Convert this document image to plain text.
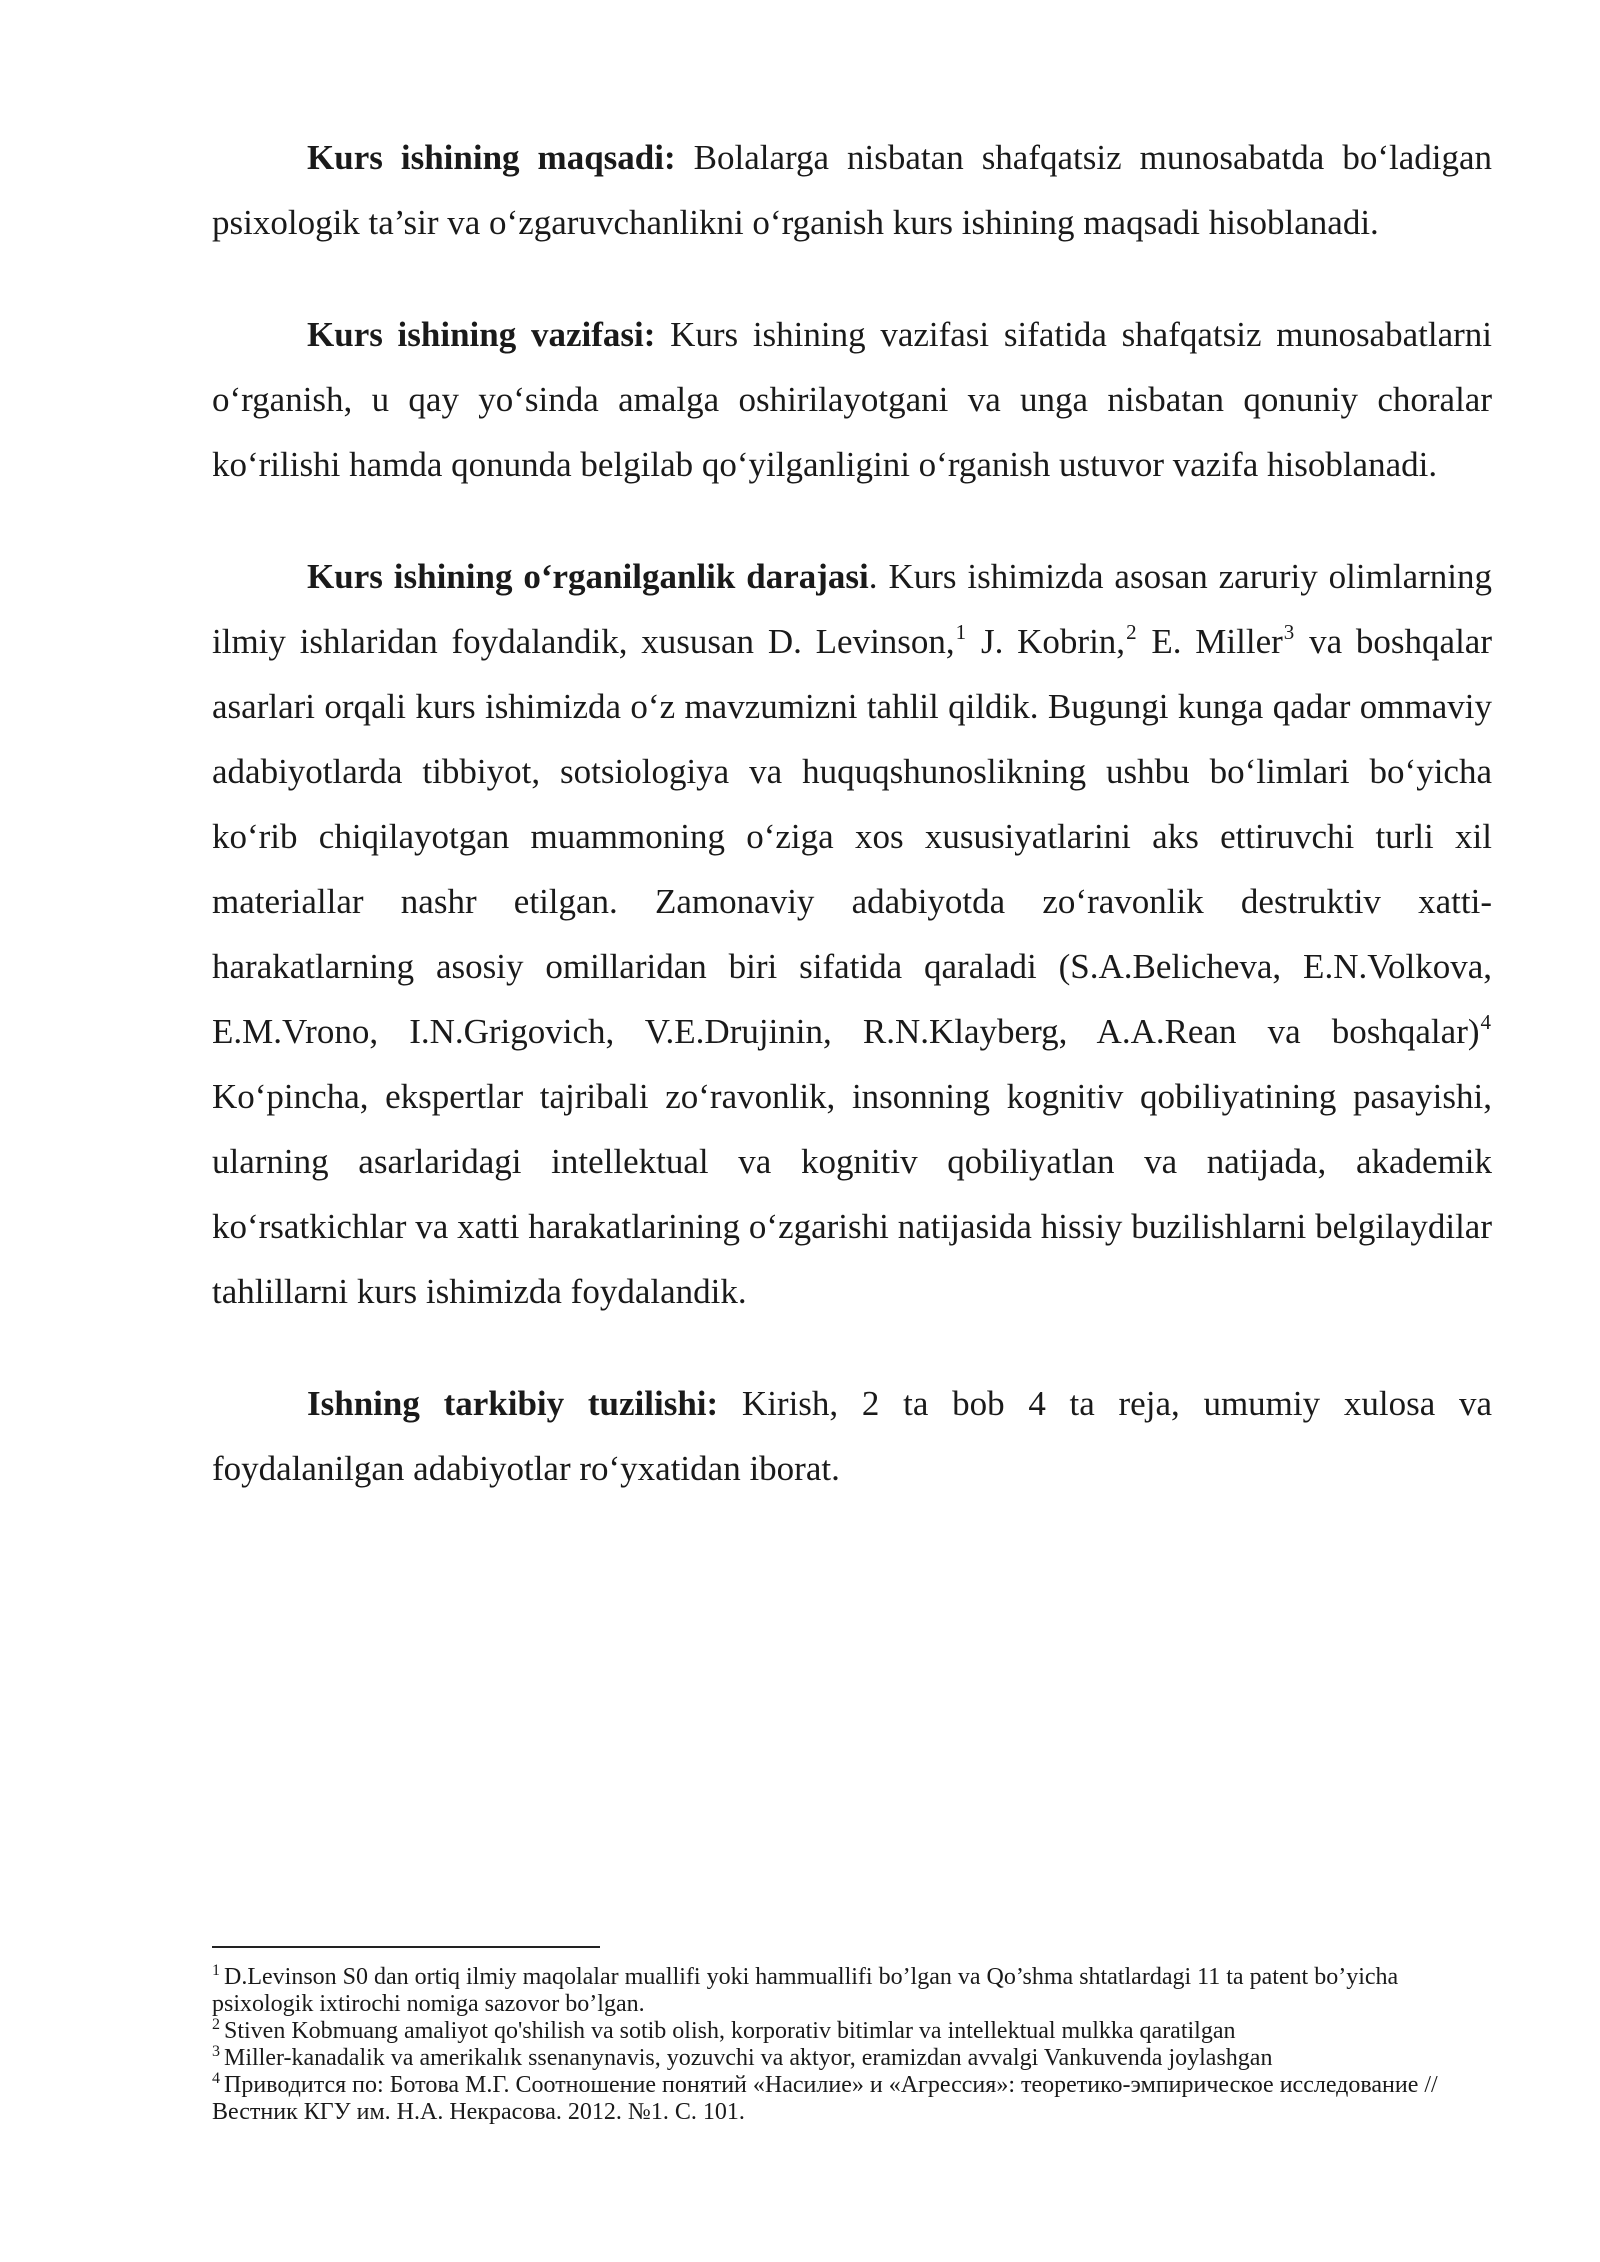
Kurs ishining maqsadi: Bolalarga nisbatan shafqatsiz munosabatda bo‘ladigan psixologik ta’sir va o‘zgaruvchanlikni o‘rganish kurs ishining maqsadi hisoblanadi.

Kurs ishining vazifasi: Kurs ishining vazifasi sifatida shafqatsiz munosabatlarni o‘rganish, u qay yo‘sinda amalga oshirilayotgani va unga nisbatan qonuniy choralar ko‘rilishi hamda qonunda belgilab qo‘yilganligini o‘rganish ustuvor vazifa hisoblanadi.

Kurs ishining o‘rganilganlik darajasi. Kurs ishimizda asosan zaruriy olimlarning ilmiy ishlaridan foydalandik, xususan D. Levinson,$^1$ J. Kobrin,$^2$ E. Miller$^3$ va boshqalar asarlari orqali kurs ishimizda o‘z mavzumizni tahlil qildik. Bugungi kunga qadar ommaviy adabiyotlarda tibbiyot, sotsiologiya va huquqshunoslikning ushbu bo‘limlari bo‘yicha ko‘rib chiqilayotgan muammoning o‘ziga xos xususiyatlarini aks ettiruvchi turli xil materiallar nashr etilgan. Zamonaviy adabiyotda zo‘ravonlik destruktiv xatti-harakatlarning asosiy omillaridan biri sifatida qaraladi (S.A.Belicheva, E.N.Volkova, E.M.Vrono, I.N.Grigovich, V.E.Drujinin, R.N.Klayberg, A.A.Rean va boshqalar)$^4$ Ko‘pincha, ekspertlar tajribali zo‘ravonlik, insonning kognitiv qobiliyatining pasayishi, ularning asarlaridagi intellektual va kognitiv qobiliyatlan va natijada, akademik ko‘rsatkichlar va xatti harakatlarining o‘zgarishi natijasida hissiy buzilishlarni belgilaydilar tahlillarni kurs ishimizda foydalandik.

Ishning tarkibiy tuzilishi: Kirish, 2 ta bob 4 ta reja, umumiy xulosa va foydalanilgan adabiyotlar ro‘yxatidan iborat.

$^1$ D.Levinson S0 dan ortiq ilmiy maqolalar muallifi yoki hammuallifi bo’lgan va Qo’shma shtatlardagi 11 ta patent bo’yicha psixologik ixtirochi nomiga sazovor bo’lgan.

$^2$ Stiven Kobmuang amaliyot qo'shilish va sotib olish, korporativ bitimlar va intellektual mulkka qaratilgan

$^3$ Miller-kanadalik va amerikalık ssenanynavis, yozuvchi va aktyor, eramizdan avvalgi Vankuvenda joylashgan

$^4$ Приводится по: Ботова М.Г. Соотношение понятий «Насилие» и «Агрессия»: теоретико-эмпирическое исследование // Вестник КГУ им. Н.А. Некрасова. 2012. №1. С. 101.
